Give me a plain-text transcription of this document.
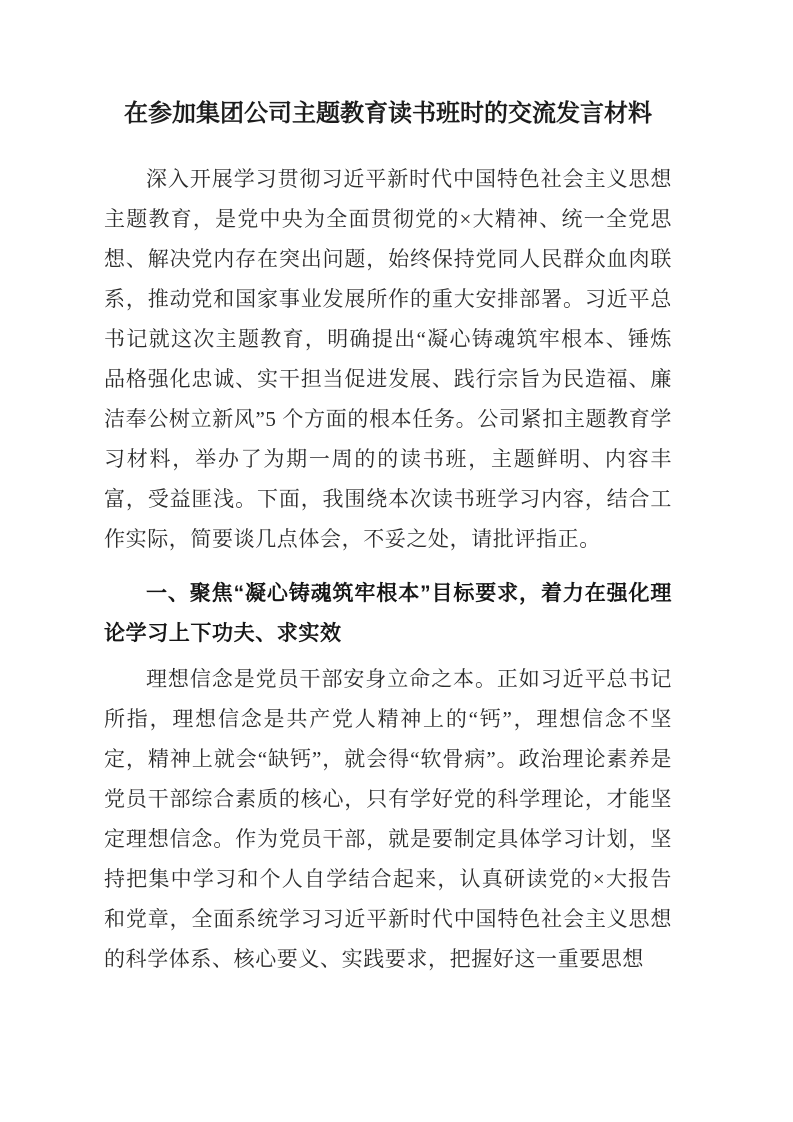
在参加集团公司主题教育读书班时的交流发言材料

深入开展学习贯彻习近平新时代中国特色社会主义思想主题教育，是党中央为全面贯彻党的×大精神、统一全党思想、解决党内存在突出问题，始终保持党同人民群众血肉联系，推动党和国家事业发展所作的重大安排部署。习近平总书记就这次主题教育，明确提出“凝心铸魂筑牢根本、锤炼品格强化忠诚、实干担当促进发展、践行宗旨为民造福、廉洁奉公树立新风”5 个方面的根本任务。公司紧扣主题教育学习材料，举办了为期一周的的读书班，主题鲜明、内容丰富，受益匪浅。下面，我围绕本次读书班学习内容，结合工作实际，简要谈几点体会，不妥之处，请批评指正。

一、聚焦“凝心铸魂筑牢根本”目标要求，着力在强化理论学习上下功夫、求实效

理想信念是党员干部安身立命之本。正如习近平总书记所指，理想信念是共产党人精神上的“钙”，理想信念不坚定，精神上就会“缺钙”，就会得“软骨病”。政治理论素养是党员干部综合素质的核心，只有学好党的科学理论，才能坚定理想信念。作为党员干部，就是要制定具体学习计划，坚持把集中学习和个人自学结合起来，认真研读党的×大报告和党章，全面系统学习习近平新时代中国特色社会主义思想的科学体系、核心要义、实践要求，把握好这一重要思想
